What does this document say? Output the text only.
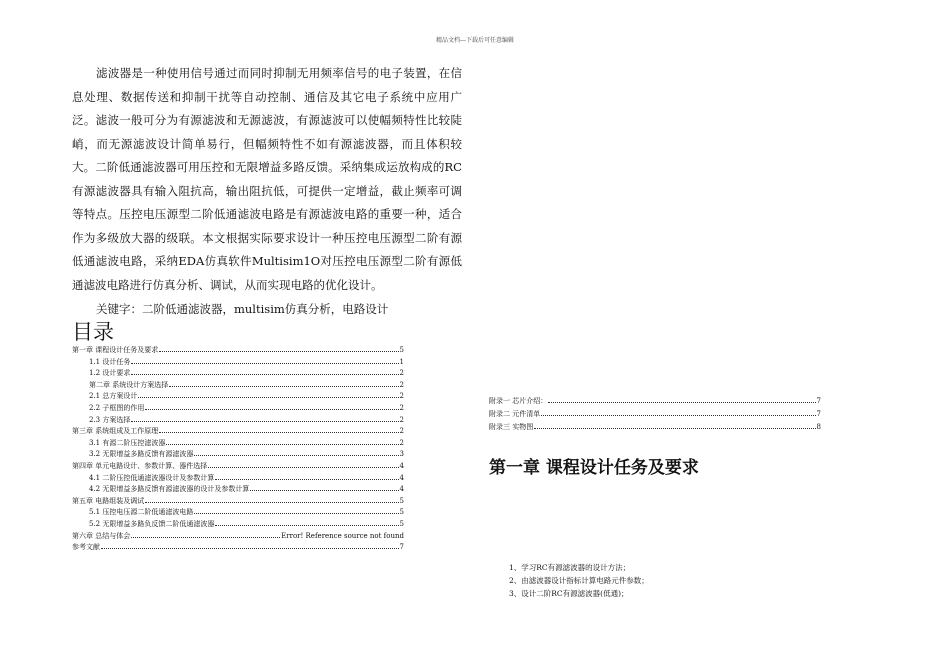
精品文档---下载后可任意编辑

滤波器是一种使用信号通过而同时抑制无用频率信号的电子装置，在信息处理、数据传送和抑制干扰等自动控制、通信及其它电子系统中应用广泛。滤波一般可分为有源滤波和无源滤波，有源滤波可以使幅频特性比较陡峭，而无源滤波设计简单易行，但幅频特性不如有源滤波器，而且体积较大。二阶低通滤波器可用压控和无限增益多路反馈。采纳集成运放构成的RC有源滤波器具有输入阻抗高，输出阻抗低，可提供一定增益，截止频率可调等特点。压控电压源型二阶低通滤波电路是有源滤波电路的重要一种，适合作为多级放大器的级联。本文根据实际要求设计一种压控电压源型二阶有源低通滤波电路，采纳EDA仿真软件Multisim1O对压控电压源型二阶有源低通滤波电路进行仿真分析、调试，从而实现电路的优化设计。

关键字：二阶低通滤波器，multisim仿真分析，电路设计
目录
第一章 课程设计任务及要求	5
1.1 设计任务	1
1.2 设计要求	2
第二章 系统设计方案选择	2
2.1 总方案设计	2
2.2 子框图的作用	2
2.3 方案选择	2
第三章 系统组成及工作原理	2
3.1 有源二阶压控滤波器	2
3.2 无限增益多路反馈有源滤波器	3
第四章 单元电路设计、参数计算、器件选择	4
4.1 二阶压控低通滤波器设计及参数计算	4
4.2 无限增益多路反馈有源滤波器的设计及参数计算	4
第五章 电路组装及调试	5
5.1 压控电压源二阶低通滤波电路	5
5.2 无限增益多路负反馈二阶低通滤波器	5
第六章 总结与体会	Error! Reference source not found
参考文献	7
附录一 芯片介绍：	7
附录二 元件清单	7
附录三 实物图	8
第一章 课程设计任务及要求
1、学习RC有源滤波器的设计方法；
2、由滤波器设计指标计算电路元件参数；
3、设计二阶RC有源滤波器(低通)；
